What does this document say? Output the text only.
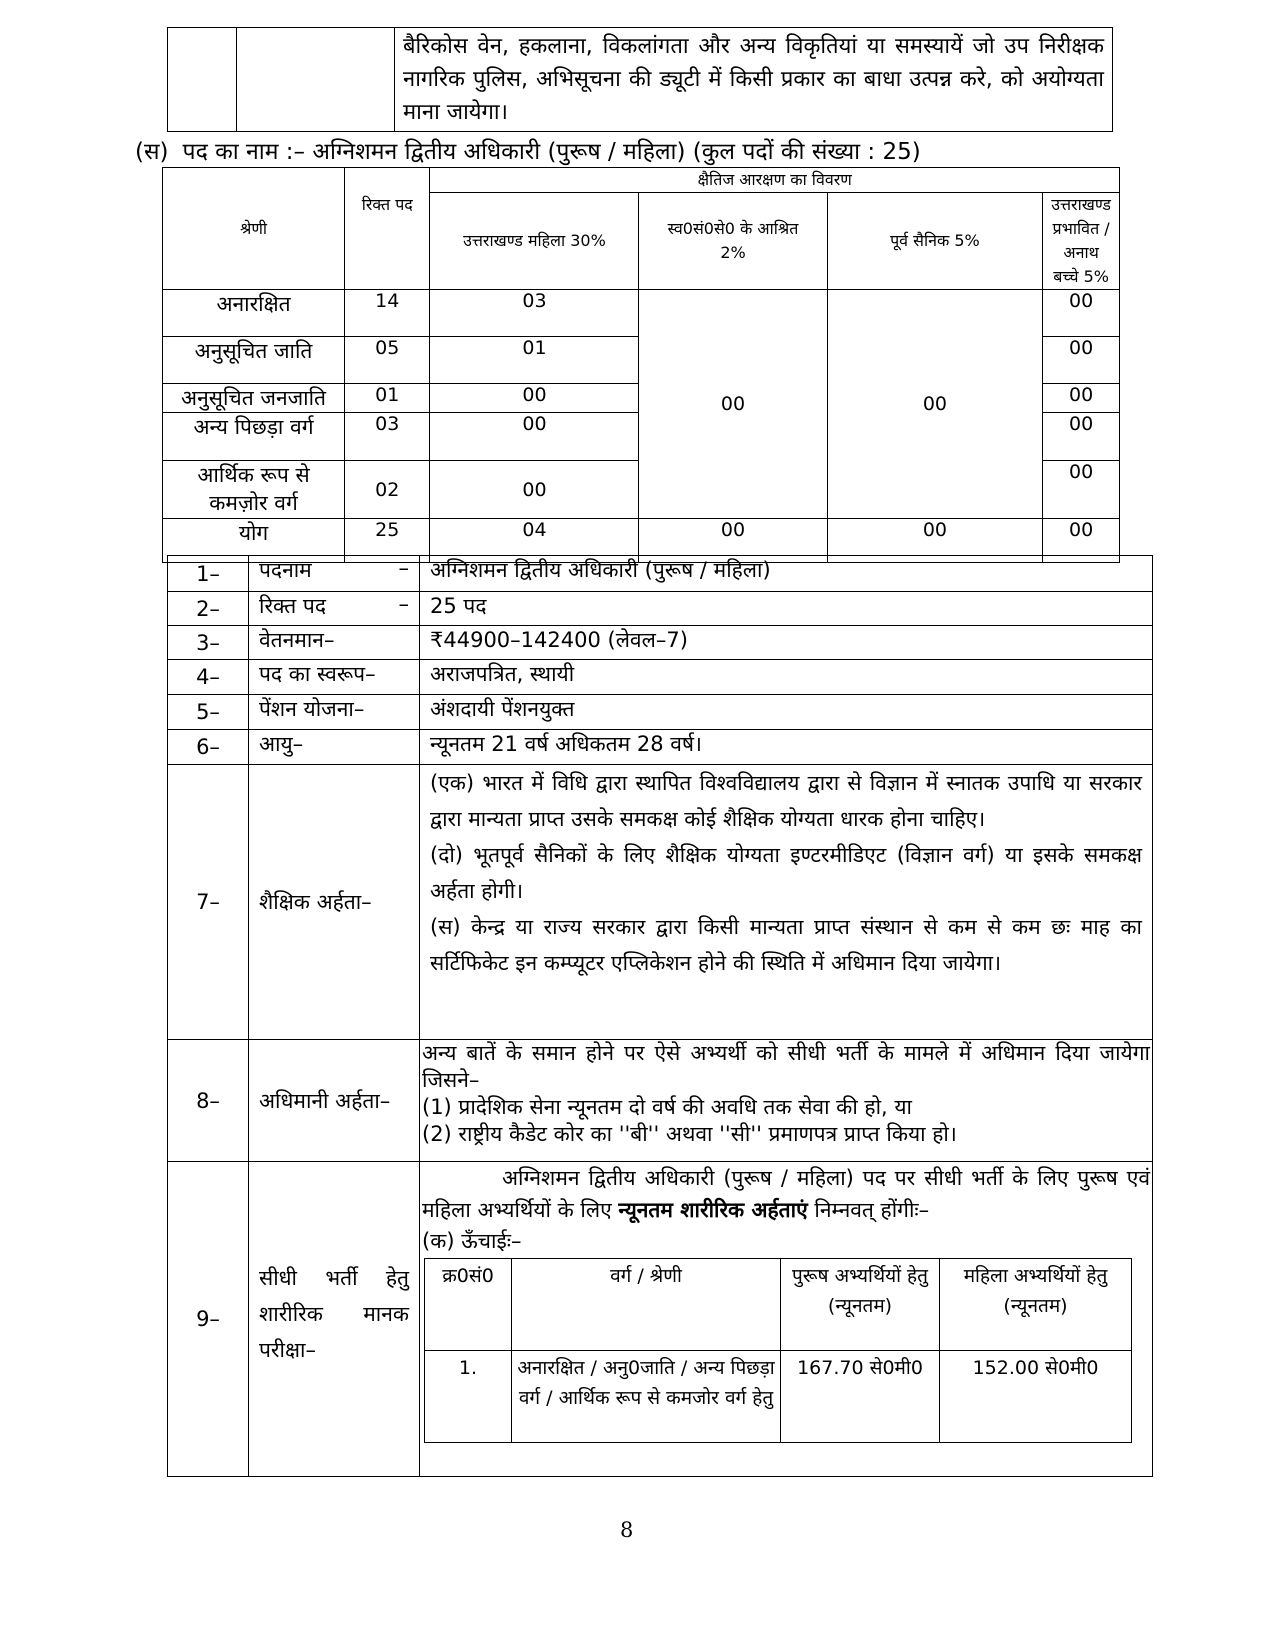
		बैरिकोस वेन, हकलाना, विकलांगता और अन्य विकृतियां या समस्यायें जो उप निरीक्षक नागरिक पुलिस, अभिसूचना की ड्यूटी में किसी प्रकार का बाधा उत्पन्न करे, को अयोग्यता माना जायेगा।
(स) पद का नाम :– अग्निशमन द्वितीय अधिकारी (पुरूष / महिला) (कुल पदों की संख्या : 25)
श्रेणी	रिक्त पद	क्षैतिज आरक्षण का विवरण			
		उत्तराखण्ड महिला 30%	स्व0सं0से0 के आश्रित 2%	पूर्व सैनिक 5%	उत्तराखण्ड प्रभावित / अनाथ बच्चे 5%
अनारक्षित	14	03	00	00	00
अनुसूचित जाति	05	01			00
अनुसूचित जनजाति	01	00			00
अन्य पिछड़ा वर्ग	03	00			00
आर्थिक रूप से कमज़ोर वर्ग	02	00			00
योग	25	04	00	00	00
1–	पदनाम	–	अग्निशमन द्वितीय अधिकारी (पुरूष / महिला)
2–	रिक्त पद	–	25 पद
3–	वेतनमान–	₹44900–142400 (लेवल–7)
4–	पद का स्वरूप–	अराजपत्रित, स्थायी
5–	पेंशन योजना–	अंशदायी पेंशनयुक्त
6–	आयु–	न्यूनतम 21 वर्ष अधिकतम 28 वर्ष।
7–	शैक्षिक अर्हता–	
(एक) भारत में विधि द्वारा स्थापित विश्वविद्यालय द्वारा से विज्ञान में स्नातक उपाधि या सरकार द्वारा मान्यता प्राप्त उसके समकक्ष कोई शैक्षिक योग्यता धारक होना चाहिए।
(दो) भूतपूर्व सैनिकों के लिए शैक्षिक योग्यता इण्टरमीडिएट (विज्ञान वर्ग) या इसके समकक्ष अर्हता होगी।
(स) केन्द्र या राज्य सरकार द्वारा किसी मान्यता प्राप्त संस्थान से कम से कम छः माह का सर्टिफिकेट इन कम्प्यूटर एप्लिकेशन होने की स्थिति में अधिमान दिया जायेगा।

8–	अधिमानी अर्हता–	
अन्य बातें के समान होने पर ऐसे अभ्यर्थी को सीधी भर्ती के मामले में अधिमान दिया जायेगा जिसने–
(1) प्रादेशिक सेना न्यूनतम दो वर्ष की अवधि तक सेवा की हो, या
(2) राष्ट्रीय कैडेट कोर का ''बी'' अथवा ''सी'' प्रमाणपत्र प्राप्त किया हो।

9–	सीधी भर्ती हेतु शारीरिक मानक परीक्षा–	
अग्निशमन द्वितीय अधिकारी (पुरूष / महिला) पद पर सीधी भर्ती के लिए पुरूष एवं महिला अभ्यर्थियों के लिए न्यूनतम शारीरिक अर्हताएं निम्नवत् होंगीः–
(क) ऊँचाईः–
क्र0सं0	वर्ग / श्रेणी	पुरूष अभ्यर्थियों हेतु (न्यूनतम)	महिला अभ्यर्थियों हेतु (न्यूनतम)
1.	अनारक्षित / अनु0जाति / अन्य पिछड़ा वर्ग / आर्थिक रूप से कमजोर वर्ग हेतु	167.70 से0मी0	152.00 से0मी0
8
